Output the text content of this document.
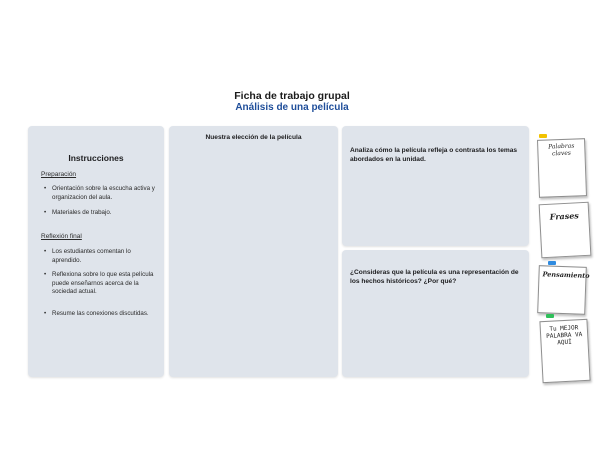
Ficha de trabajo grupal
Análisis de una película
Instrucciones
Preparación
• Orientación sobre la escucha activa y organizacion del aula.
• Materiales de trabajo.
Reflexión final
• Los estudiantes comentan lo aprendido.
• Reflexiona sobre lo que esta película puede enseñarnos acerca de la sociedad actual.
• Resume las conexiones discutidas.
Nuestra elección de la película
Analiza cómo la película refleja o contrasta los temas abordados en la unidad.
¿Consideras que la película es una representación de los hechos históricos? ¿Por qué?
Palabras claves
Frases
Pensamiento
Tu MEJOR PALABRA VA AQUÍ
